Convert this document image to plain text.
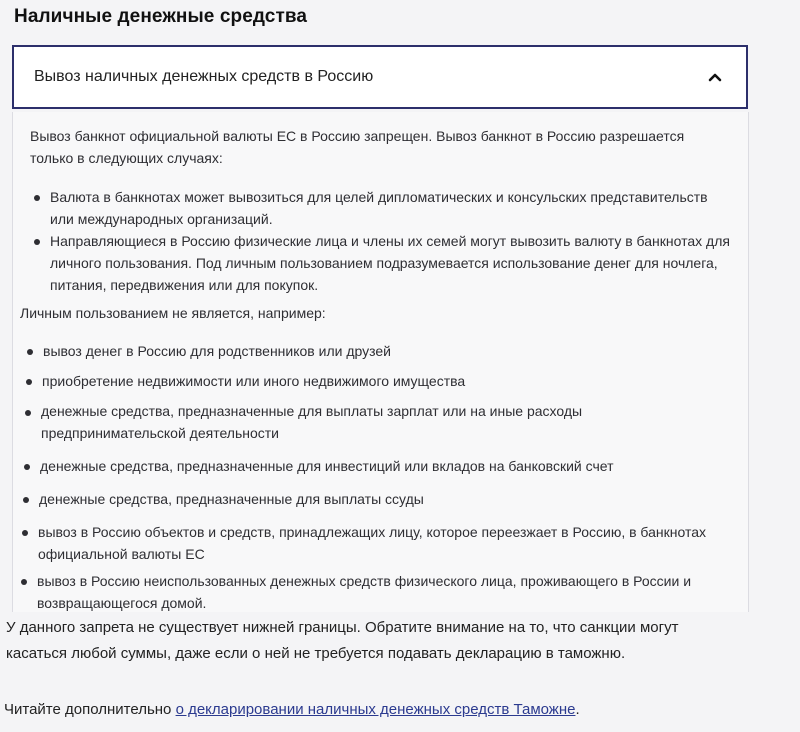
Наличные денежные средства
Вывоз наличных денежных средств в Россию
Вывоз банкнот официальной валюты ЕС в Россию запрещен. Вывоз банкнот в Россию разрешается
только в следующих случаях:
Валюта в банкнотах может вывозиться для целей дипломатических и консульских представительств
или международных организаций.
Направляющиеся в Россию физические лица и члены их семей могут вывозить валюту в банкнотах для
личного пользования. Под личным пользованием подразумевается использование денег для ночлега,
питания, передвижения или для покупок.
Личным пользованием не является, например:
вывоз денег в Россию для родственников или друзей
приобретение недвижимости или иного недвижимого имущества
денежные средства, предназначенные для выплаты зарплат или на иные расходы
предпринимательской деятельности
денежные средства, предназначенные для инвестиций или вкладов на банковский счет
денежные средства, предназначенные для выплаты ссуды
вывоз в Россию объектов и средств, принадлежащих лицу, которое переезжает в Россию, в банкнотах
официальной валюты ЕС
вывоз в Россию неиспользованных денежных средств физического лица, проживающего в России и
возвращающегося домой.
У данного запрета не существует нижней границы. Обратите внимание на то, что санкции могут
касаться любой суммы, даже если о ней не требуется подавать декларацию в таможню.
Читайте дополнительно о декларировании наличных денежных средств Таможне.
